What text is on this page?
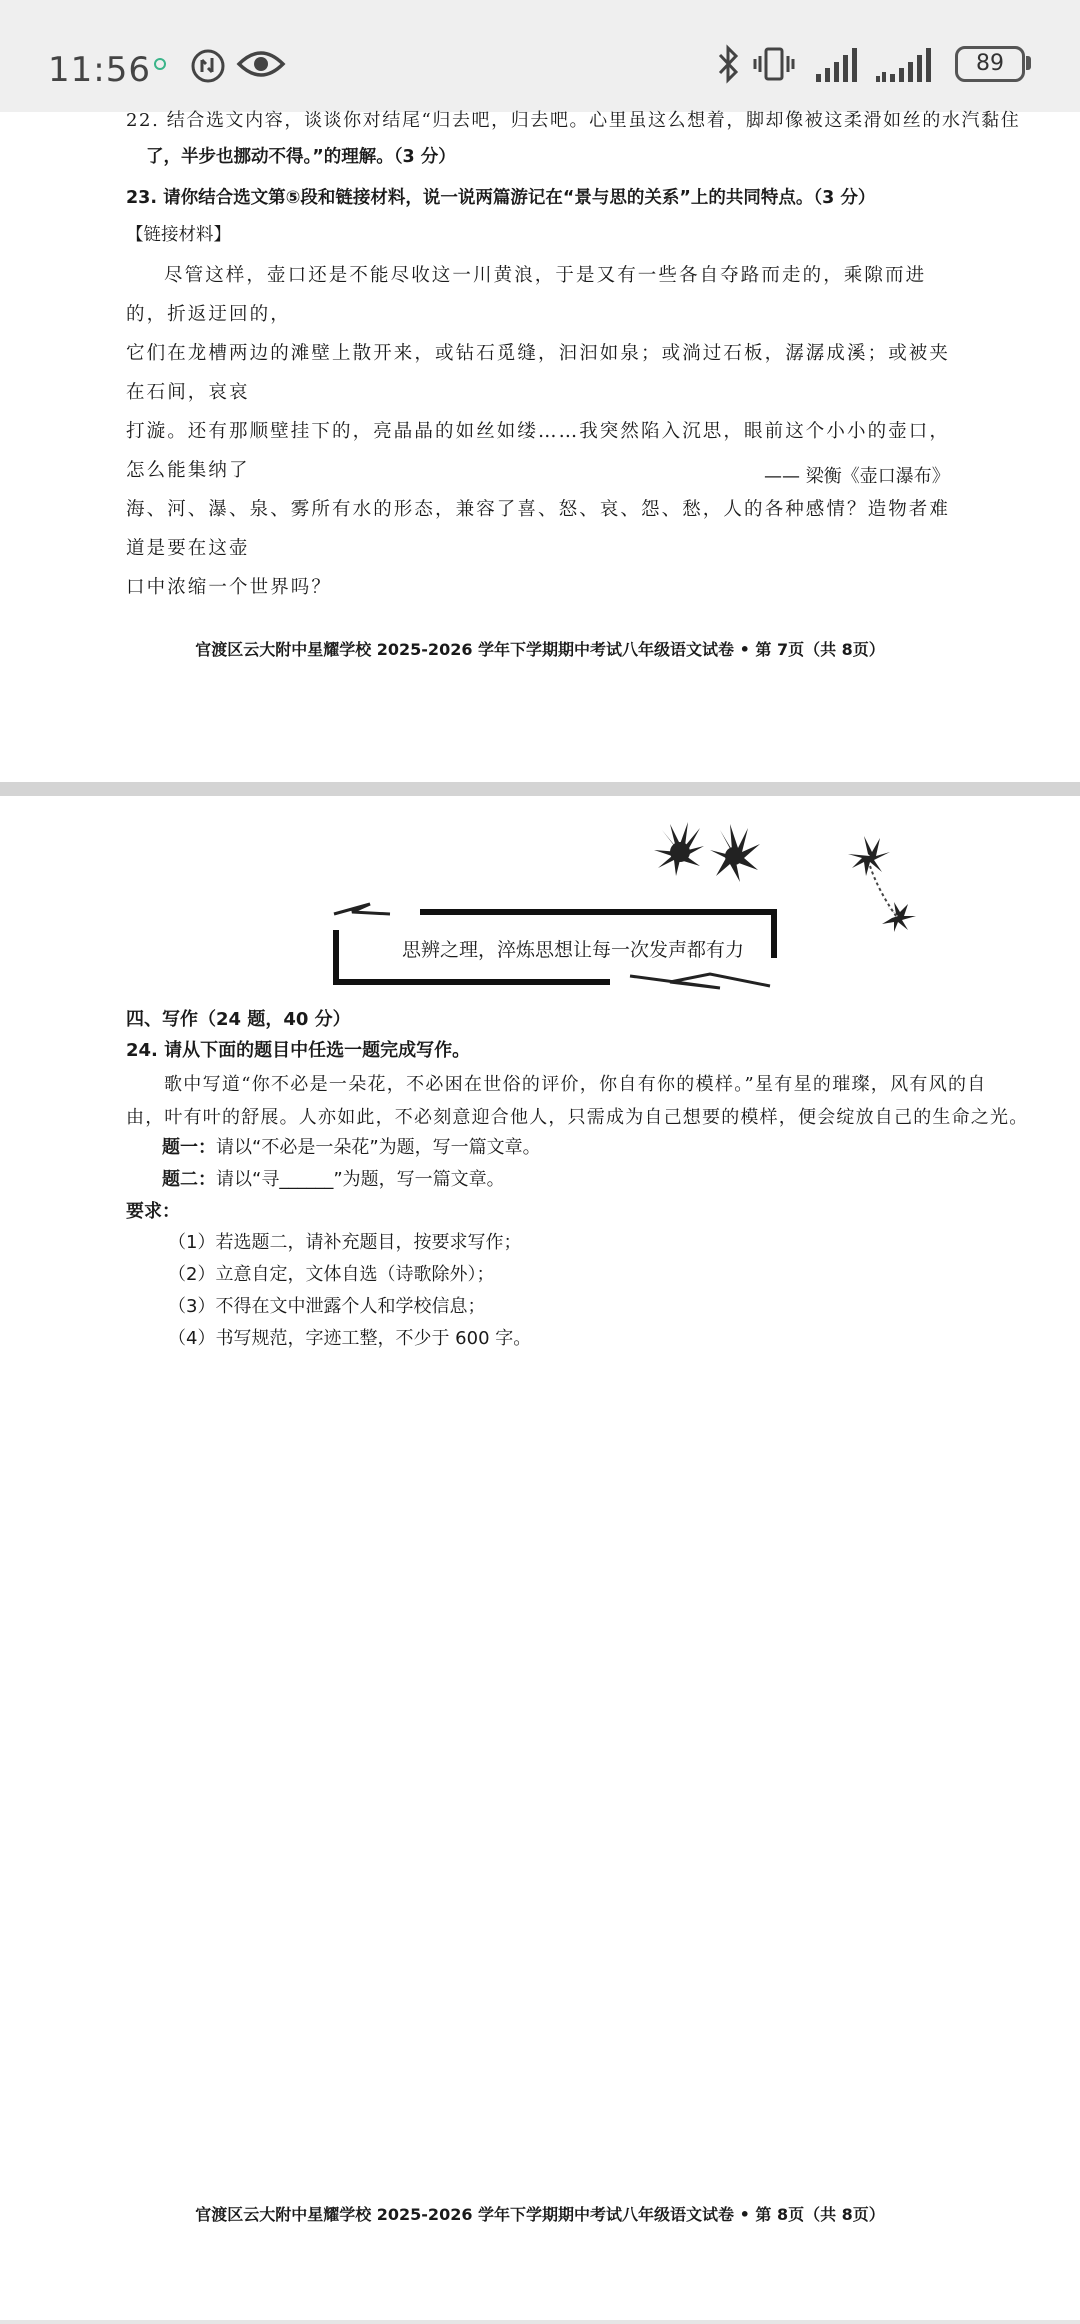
11:56	89
22. 结合选文内容，谈谈你对结尾“归去吧，归去吧。心里虽这么想着，脚却像被这柔滑如丝的水汽黏住
了，半步也挪动不得。”的理解。（3 分）
23. 请你结合选文第⑤段和链接材料，说一说两篇游记在“景与思的关系”上的共同特点。（3 分）
【链接材料】
尽管这样，壶口还是不能尽收这一川黄浪，于是又有一些各自夺路而走的，乘隙而进的，折返迂回的，
它们在龙槽两边的滩壁上散开来，或钻石觅缝，汩汩如泉；或淌过石板，潺潺成溪；或被夹在石间，哀哀
打漩。还有那顺壁挂下的，亮晶晶的如丝如缕……我突然陷入沉思，眼前这个小小的壶口，怎么能集纳了
海、河、瀑、泉、雾所有水的形态，兼容了喜、怒、哀、怨、愁，人的各种感情？造物者难道是要在这壶
口中浓缩一个世界吗？
—— 梁衡《壶口瀑布》
官渡区云大附中星耀学校 2025-2026 学年下学期期中考试八年级语文试卷 • 第 7页（共 8页）
思辨之理，淬炼思想让每一次发声都有力
四、写作（24 题，40 分）
24. 请从下面的题目中任选一题完成写作。
歌中写道“你不必是一朵花，不必困在世俗的评价，你自有你的模样。”星有星的璀璨，风有风的自
由，叶有叶的舒展。人亦如此，不必刻意迎合他人，只需成为自己想要的模样，便会绽放自己的生命之光。
题一：请以“不必是一朵花”为题，写一篇文章。
题二：请以“寻______”为题，写一篇文章。
要求：
（1）若选题二，请补充题目，按要求写作；
（2）立意自定，文体自选（诗歌除外）；
（3）不得在文中泄露个人和学校信息；
（4）书写规范，字迹工整，不少于 600 字。
官渡区云大附中星耀学校 2025-2026 学年下学期期中考试八年级语文试卷 • 第 8页（共 8页）
